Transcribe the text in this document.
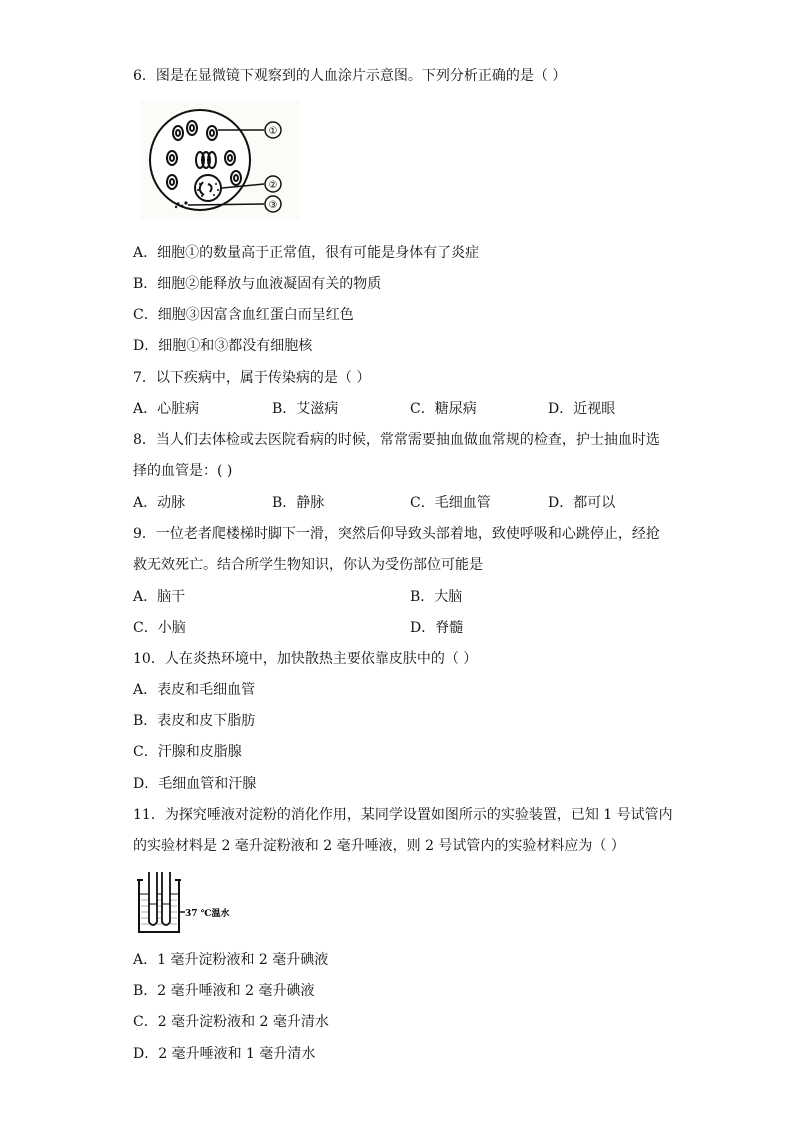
6．图是在显微镜下观察到的人血涂片示意图。下列分析正确的是（ ）
①
②
③
A．细胞①的数量高于正常值，很有可能是身体有了炎症
B．细胞②能释放与血液凝固有关的物质
C．细胞③因富含血红蛋白而呈红色
D．细胞①和③都没有细胞核
7．以下疾病中，属于传染病的是（ ）
A．心脏病	B．艾滋病	C．糖尿病	D．近视眼
8．当人们去体检或去医院看病的时候，常常需要抽血做血常规的检查，护士抽血时选
择的血管是：( )
A．动脉	B．静脉	C．毛细血管	D．都可以
9．一位老者爬楼梯时脚下一滑，突然后仰导致头部着地，致使呼吸和心跳停止，经抢
救无效死亡。结合所学生物知识，你认为受伤部位可能是
A．脑干	B．大脑
C．小脑	D．脊髓
10．人在炎热环境中，加快散热主要依靠皮肤中的（ ）
A．表皮和毛细血管
B．表皮和皮下脂肪
C．汗腺和皮脂腺
D．毛细血管和汗腺
11．为探究唾液对淀粉的消化作用，某同学设置如图所示的实验装置，已知 1 号试管内
的实验材料是 2 毫升淀粉液和 2 毫升唾液，则 2 号试管内的实验材料应为（ ）
37 ℃温水
A．1 毫升淀粉液和 2 毫升碘液
B．2 毫升唾液和 2 毫升碘液
C．2 毫升淀粉液和 2 毫升清水
D．2 毫升唾液和 1 毫升清水
